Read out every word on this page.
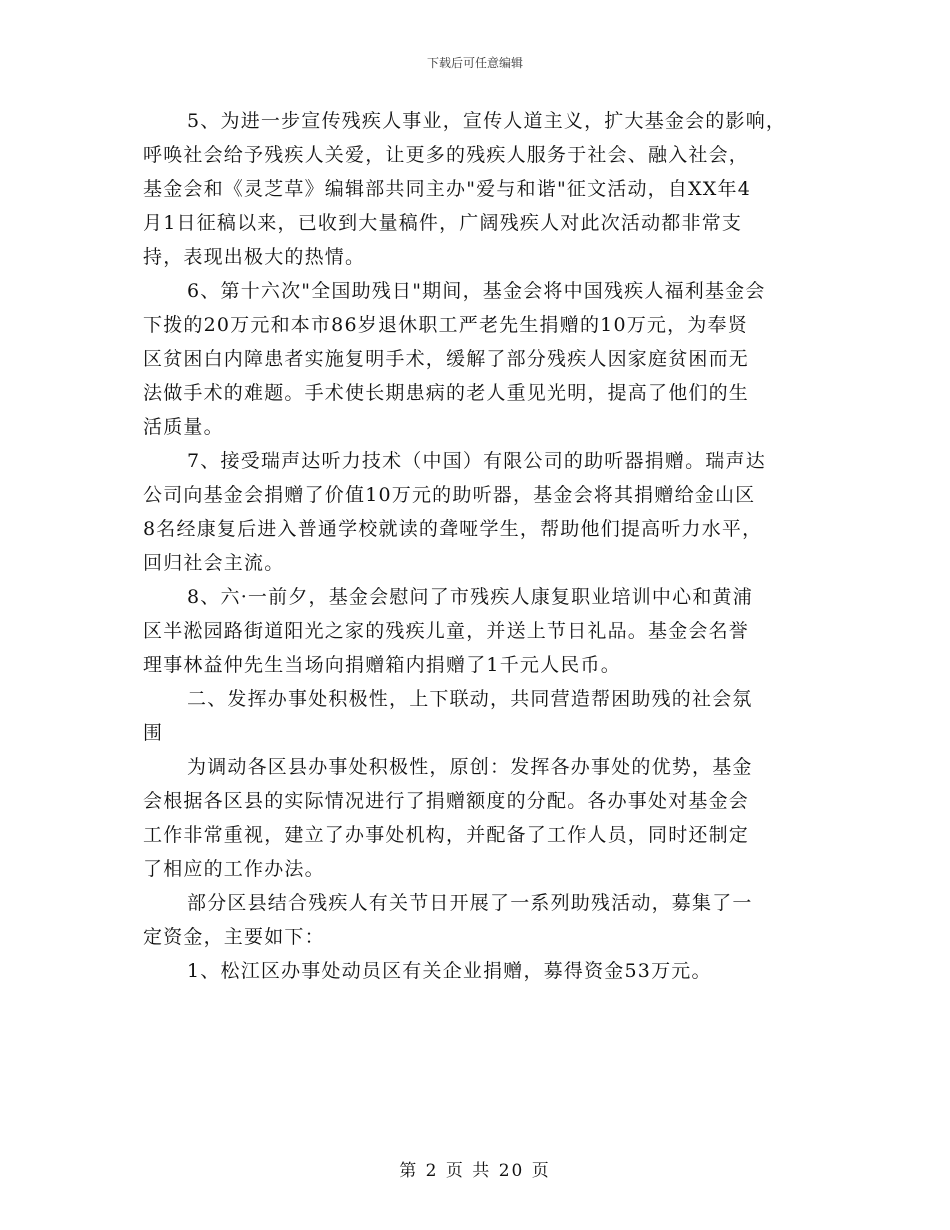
下载后可任意编辑

5、为进一步宣传残疾人事业，宣传人道主义，扩大基金会的影响，
呼唤社会给予残疾人关爱，让更多的残疾人服务于社会、融入社会，
基金会和《灵芝草》编辑部共同主办"爱与和谐"征文活动，自XX年4
月1日征稿以来，已收到大量稿件，广阔残疾人对此次活动都非常支
持，表现出极大的热情。

6、第十六次"全国助残日"期间，基金会将中国残疾人福利基金会
下拨的20万元和本市86岁退休职工严老先生捐赠的10万元，为奉贤
区贫困白内障患者实施复明手术，缓解了部分残疾人因家庭贫困而无
法做手术的难题。手术使长期患病的老人重见光明，提高了他们的生
活质量。

7、接受瑞声达听力技术（中国）有限公司的助听器捐赠。瑞声达
公司向基金会捐赠了价值10万元的助听器，基金会将其捐赠给金山区
8名经康复后进入普通学校就读的聋哑学生，帮助他们提高听力水平，
回归社会主流。

8、六·一前夕，基金会慰问了市残疾人康复职业培训中心和黄浦
区半淞园路街道阳光之家的残疾儿童，并送上节日礼品。基金会名誉
理事林益仲先生当场向捐赠箱内捐赠了1千元人民币。

二、发挥办事处积极性，上下联动，共同营造帮困助残的社会氛
围

为调动各区县办事处积极性，原创：发挥各办事处的优势，基金
会根据各区县的实际情况进行了捐赠额度的分配。各办事处对基金会
工作非常重视，建立了办事处机构，并配备了工作人员，同时还制定
了相应的工作办法。

部分区县结合残疾人有关节日开展了一系列助残活动，募集了一
定资金，主要如下：

1、松江区办事处动员区有关企业捐赠，募得资金53万元。

第 2 页 共 20 页
